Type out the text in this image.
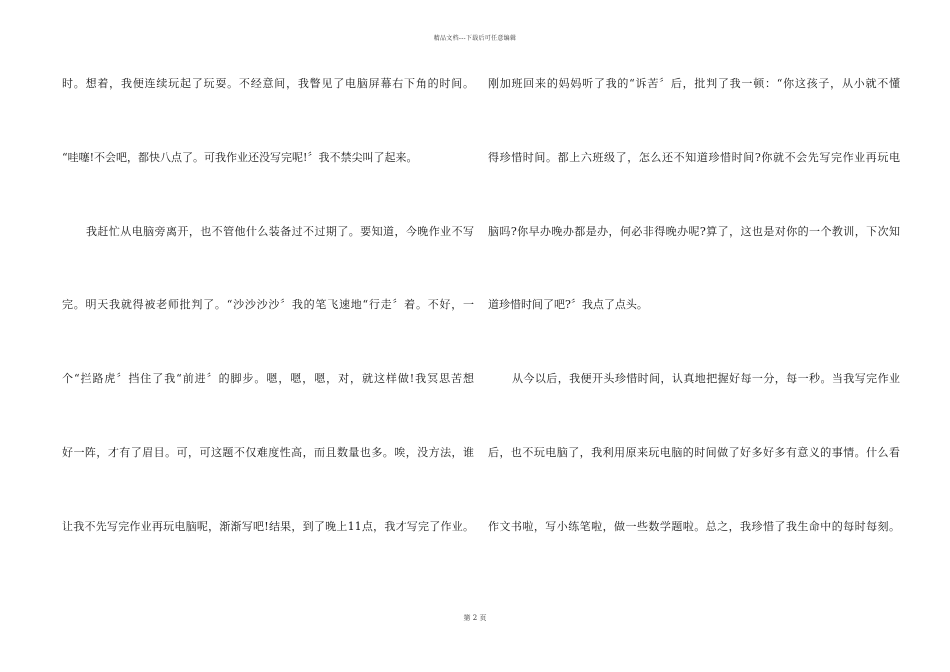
精品文档---下载后可任意编辑
时。想着，我便连续玩起了玩耍。不经意间，我瞥见了电脑屏幕右下角的时间。
“哇噻!不会吧，都快八点了。可我作业还没写完呢!〞我不禁尖叫了起来。
我赶忙从电脑旁离开，也不管他什么装备过不过期了。要知道，今晚作业不写
完。明天我就得被老师批判了。“沙沙沙沙〞我的笔飞速地“行走〞着。不好，一
个“拦路虎〞挡住了我“前进〞的脚步。嗯，嗯，嗯，对，就这样做!我冥思苦想
好一阵，才有了眉目。可，可这题不仅难度性高，而且数量也多。唉，没方法，谁
让我不先写完作业再玩电脑呢，渐渐写吧!结果，到了晚上11点，我才写完了作业。
刚加班回来的妈妈听了我的“诉苦〞后，批判了我一顿：“你这孩子，从小就不懂
得珍惜时间。都上六班级了，怎么还不知道珍惜时间?你就不会先写完作业再玩电
脑吗?你早办晚办都是办，何必非得晚办呢?算了，这也是对你的一个教训，下次知
道珍惜时间了吧?〞我点了点头。
从今以后，我便开头珍惜时间，认真地把握好每一分，每一秒。当我写完作业
后，也不玩电脑了，我利用原来玩电脑的时间做了好多好多有意义的事情。什么看
作文书啦，写小练笔啦，做一些数学题啦。总之，我珍惜了我生命中的每时每刻。
第 2 页
